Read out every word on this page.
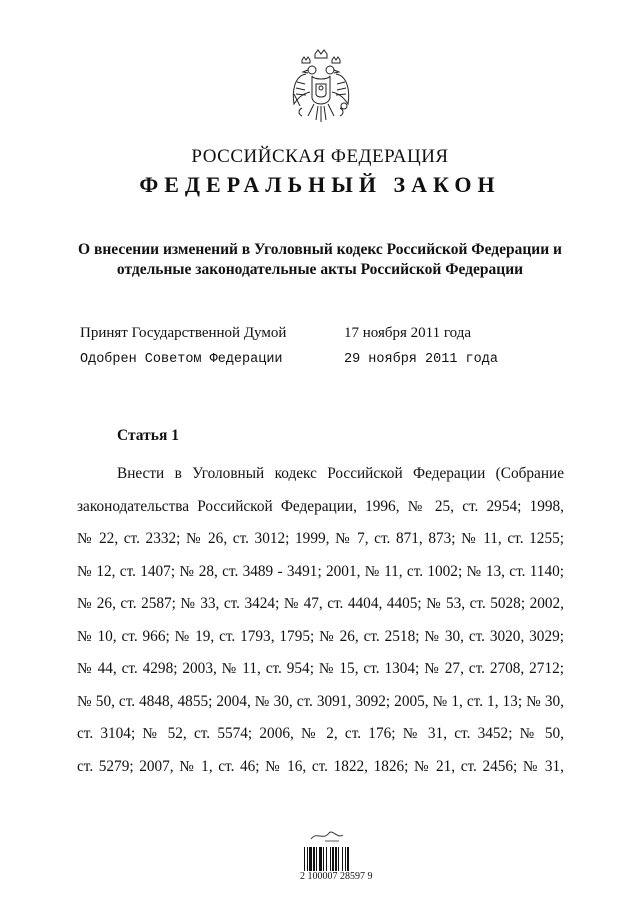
РОССИЙСКАЯ ФЕДЕРАЦИЯ
ФЕДЕРАЛЬНЫЙ ЗАКОН
О внесении изменений в Уголовный кодекс Российской Федерации и
отдельные законодательные акты Российской Федерации
Принят Государственной Думой	17 ноября 2011 года
Одобрен Советом Федерации	29 ноября 2011 года
Статья 1
Внести в Уголовный кодекс Российской Федерации (Собрание
законодательства Российской Федерации, 1996, № 25, ст. 2954; 1998,
№ 22, ст. 2332; № 26, ст. 3012; 1999, № 7, ст. 871, 873; № 11, ст. 1255;
№ 12, ст. 1407; № 28, ст. 3489 - 3491; 2001, № 11, ст. 1002; № 13, ст. 1140;
№ 26, ст. 2587; № 33, ст. 3424; № 47, ст. 4404, 4405; № 53, ст. 5028; 2002,
№ 10, ст. 966; № 19, ст. 1793, 1795; № 26, ст. 2518; № 30, ст. 3020, 3029;
№ 44, ст. 4298; 2003, № 11, ст. 954; № 15, ст. 1304; № 27, ст. 2708, 2712;
№ 50, ст. 4848, 4855; 2004, № 30, ст. 3091, 3092; 2005, № 1, ст. 1, 13; № 30,
ст. 3104; № 52, ст. 5574; 2006, № 2, ст. 176; № 31, ст. 3452; № 50,
ст. 5279; 2007, № 1, ст. 46; № 16, ст. 1822, 1826; № 21, ст. 2456; № 31,
2 100007 28597 9
